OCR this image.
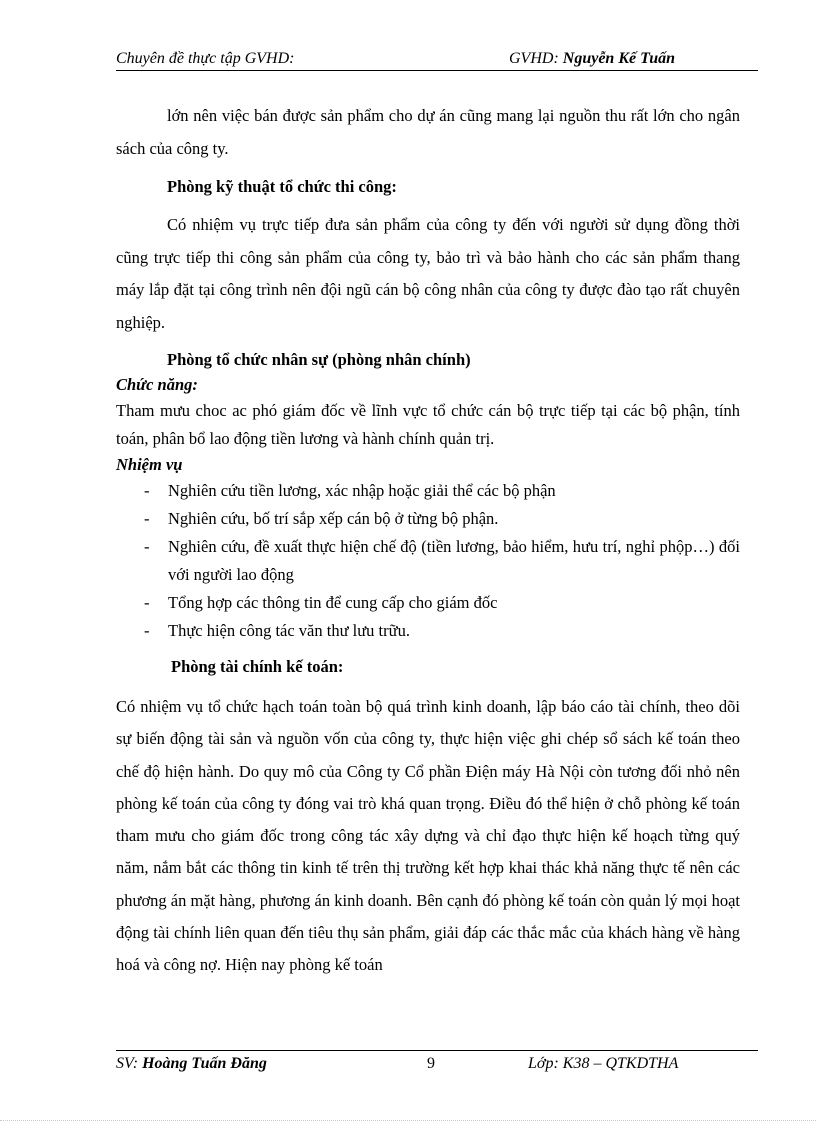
Chuyên đề thực tập GVHD:	GVHD: Nguyễn Kế Tuấn

lớn nên việc bán được sản phẩm cho dự án cũng mang lại nguồn thu rất lớn cho ngân sách của công ty.

Phòng kỹ thuật tổ chức thi công:

Có nhiệm vụ trực tiếp đưa sản phẩm của công ty đến với người sử dụng đồng thời cũng trực tiếp thi công sản phẩm của công ty, bảo trì và bảo hành cho các sản phẩm thang máy lắp đặt tại công trình nên đội ngũ cán bộ công nhân của công ty được đào tạo rất chuyên nghiệp.

Phòng tổ chức nhân sự (phòng nhân chính)

Chức năng:

Tham mưu choc ac phó giám đốc về lĩnh vực tổ chức cán bộ trực tiếp tại các bộ phận, tính toán, phân bổ lao động tiền lương và hành chính quản trị.

Nhiệm vụ

- Nghiên cứu tiền lương, xác nhập hoặc giải thể các bộ phận
- Nghiên cứu, bố trí sắp xếp cán bộ ở từng bộ phận.
- Nghiên cứu, đề xuất thực hiện chế độ (tiền lương, bảo hiểm, hưu trí, nghỉ phộp…) đối với người lao động
- Tổng hợp các thông tin để cung cấp cho giám đốc
- Thực hiện công tác văn thư lưu trữu.

Phòng tài chính kế toán:

Có nhiệm vụ tổ chức hạch toán toàn bộ quá trình kinh doanh, lập báo cáo tài chính, theo dõi sự biến động tài sản và nguồn vốn của công ty, thực hiện việc ghi chép sổ sách kế toán theo chế độ hiện hành. Do quy mô của Công ty Cổ phần Điện máy Hà Nội còn tương đối nhỏ nên phòng kế toán của công ty đóng vai trò khá quan trọng. Điều đó thể hiện ở chỗ phòng kế toán tham mưu cho giám đốc trong công tác xây dựng và chỉ đạo thực hiện kế hoạch từng quý năm, nắm bắt các thông tin kinh tế trên thị trường kết hợp khai thác khả năng thực tế nên các phương án mặt hàng, phương án kinh doanh. Bên cạnh đó phòng kế toán còn quản lý mọi hoạt động tài chính liên quan đến tiêu thụ sản phẩm, giải đáp các thắc mắc của khách hàng về hàng hoá và công nợ. Hiện nay phòng kế toán

SV: Hoàng Tuấn Đăng	9	Lớp: K38 – QTKDTHA
